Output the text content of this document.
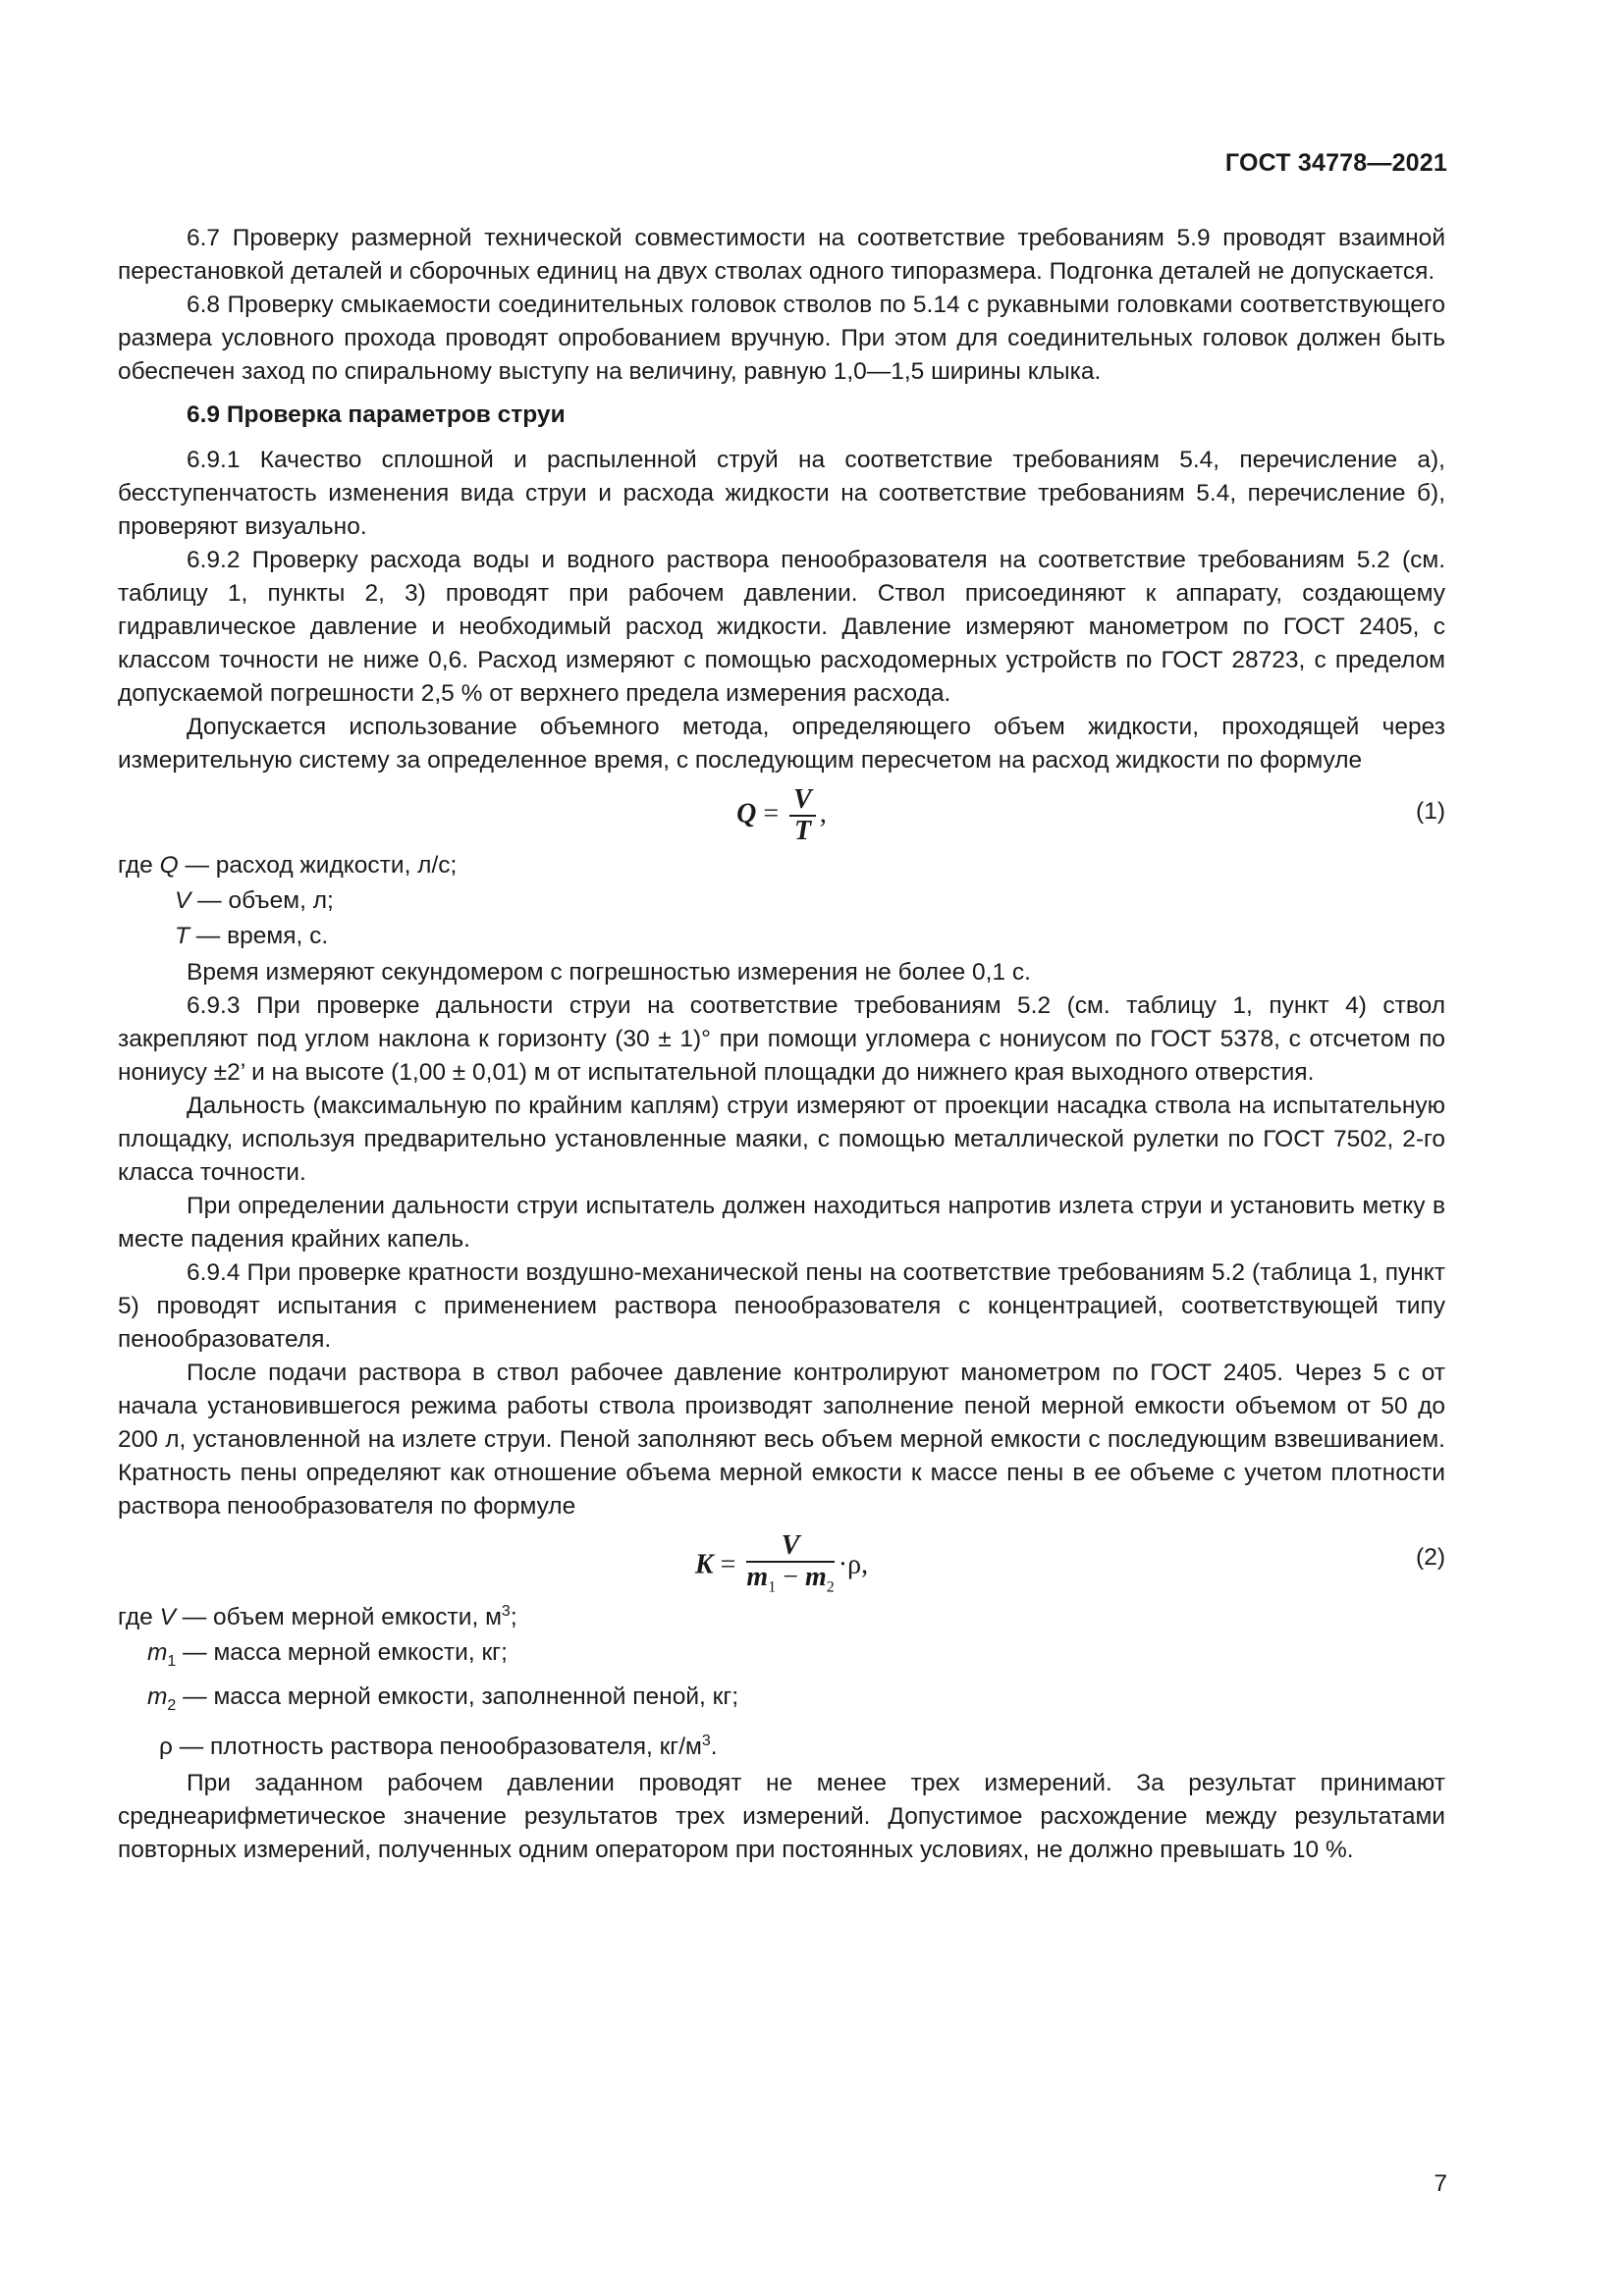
ГОСТ 34778—2021

6.7 Проверку размерной технической совместимости на соответствие требованиям 5.9 проводят взаимной перестановкой деталей и сборочных единиц на двух стволах одного типоразмера. Подгонка деталей не допускается.

6.8 Проверку смыкаемости соединительных головок стволов по 5.14 с рукавными головками соответствующего размера условного прохода проводят опробованием вручную. При этом для соединительных головок должен быть обеспечен заход по спиральному выступу на величину, равную 1,0—1,5 ширины клыка.

6.9 Проверка параметров струи

6.9.1 Качество сплошной и распыленной струй на соответствие требованиям 5.4, перечисление а), бесступенчатость изменения вида струи и расхода жидкости на соответствие требованиям 5.4, перечисление б), проверяют визуально.

6.9.2 Проверку расхода воды и водного раствора пенообразователя на соответствие требованиям 5.2 (см. таблицу 1, пункты 2, 3) проводят при рабочем давлении. Ствол присоединяют к аппарату, создающему гидравлическое давление и необходимый расход жидкости. Давление измеряют манометром по ГОСТ 2405, с классом точности не ниже 0,6. Расход измеряют с помощью расходомерных устройств по ГОСТ 28723, с пределом допускаемой погрешности 2,5 % от верхнего предела измерения расхода.

Допускается использование объемного метода, определяющего объем жидкости, проходящей через измерительную систему за определенное время, с последующим пересчетом на расход жидкости по формуле

$Q = \frac{V}{T}$ ,	(1)
где Q — расход жидкости, л/с;
V — объем, л;
T — время, с.

Время измеряют секундомером с погрешностью измерения не более 0,1 с.

6.9.3 При проверке дальности струи на соответствие требованиям 5.2 (см. таблицу 1, пункт 4) ствол закрепляют под углом наклона к горизонту (30 ± 1)° при помощи угломера с нониусом по ГОСТ 5378, с отсчетом по нониусу ±2’ и на высоте (1,00 ± 0,01) м от испытательной площадки до нижнего края выходного отверстия.

Дальность (максимальную по крайним каплям) струи измеряют от проекции насадка ствола на испытательную площадку, используя предварительно установленные маяки, с помощью металлической рулетки по ГОСТ 7502, 2-го класса точности.

При определении дальности струи испытатель должен находиться напротив излета струи и установить метку в месте падения крайних капель.

6.9.4 При проверке кратности воздушно-механической пены на соответствие требованиям 5.2 (таблица 1, пункт 5) проводят испытания с применением раствора пенообразователя с концентрацией, соответствующей типу пенообразователя.

После подачи раствора в ствол рабочее давление контролируют манометром по ГОСТ 2405. Через 5 с от начала установившегося режима работы ствола производят заполнение пеной мерной емкости объемом от 50 до 200 л, установленной на излете струи. Пеной заполняют весь объем мерной емкости с последующим взвешиванием. Кратность пены определяют как отношение объема мерной емкости к массе пены в ее объеме с учетом плотности раствора пенообразователя по формуле

$K = \frac{V}{m_1 - m_2} \cdot\rho$,	(2)
где V — объем мерной емкости, $м^3$;
$m_1$ — масса мерной емкости, кг;
$m_2$ — масса мерной емкости, заполненной пеной, кг;
ρ — плотность раствора пенообразователя, $кг/м^3$.

При заданном рабочем давлении проводят не менее трех измерений. За результат принимают среднеарифметическое значение результатов трех измерений. Допустимое расхождение между результатами повторных измерений, полученных одним оператором при постоянных условиях, не должно превышать 10 %.

7
